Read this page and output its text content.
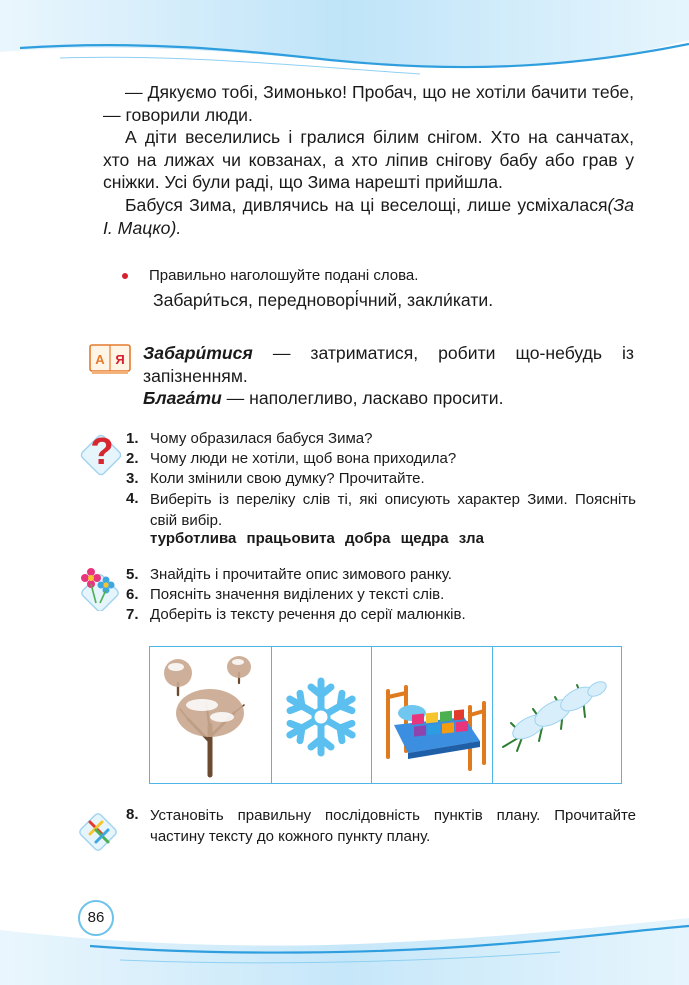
— Дякуємо тобі, Зимонько! Пробач, що не хотіли бачити тебе, — говорили люди.

А діти веселились і гралися білим снігом. Хто на санчатах, хто на лижах чи ковзанах, а хто ліпив снігову бабу або грав у сніжки. Усі були раді, що Зима нарешті прийшла.

Бабуся Зима, дивлячись на ці веселощі, лише усміхалася(За І. Мацко).

Правильно наголошуйте подані слова.
Забари́ться, передноворі́чний, закли́кати.
А Я Забари́тися — затриматися, робити що-небудь із запізненням.

Блага́ти — наполегливо, ласкаво просити.

? 1. Чому образилася бабуся Зима?
2. Чому люди не хотіли, щоб вона приходила?
3. Коли змінили свою думку? Прочитайте.
4. Виберіть із переліку слів ті, які описують характер Зими. Поясніть свій вибір.
турботлива працьовита добра щедра зла
5. Знайдіть і прочитайте опис зимового ранку.
6. Поясніть значення виділених у тексті слів.
7. Доберіть із тексту речення до серії малюнків.
8. Установіть правильну послідовність пунктів плану. Прочитайте частину тексту до кожного пункту плану.
86
